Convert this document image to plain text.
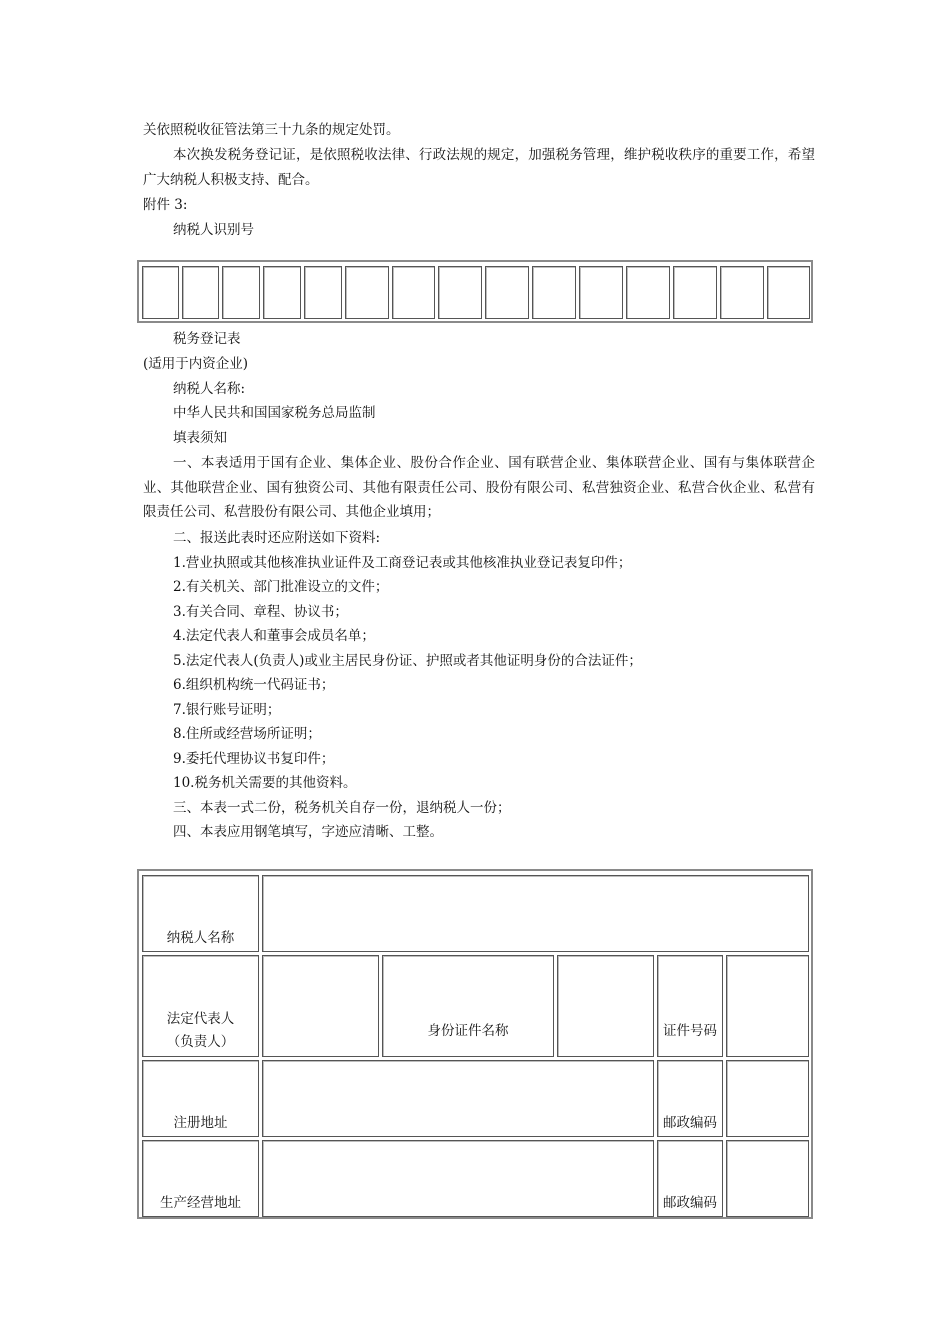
关依照税收征管法第三十九条的规定处罚。
本次换发税务登记证，是依照税收法律、行政法规的规定，加强税务管理，维护税收秩序的重要工作，希望广大纳税人积极支持、配合。
附件 3:
纳税人识别号
税务登记表
(适用于内资企业)
纳税人名称:
中华人民共和国国家税务总局监制
填表须知
一、本表适用于国有企业、集体企业、股份合作企业、国有联营企业、集体联营企业、国有与集体联营企业、其他联营企业、国有独资公司、其他有限责任公司、股份有限公司、私营独资企业、私营合伙企业、私营有限责任公司、私营股份有限公司、其他企业填用；
二、报送此表时还应附送如下资料:
1.营业执照或其他核准执业证件及工商登记表或其他核准执业登记表复印件；
2.有关机关、部门批准设立的文件；
3.有关合同、章程、协议书；
4.法定代表人和董事会成员名单；
5.法定代表人(负责人)或业主居民身份证、护照或者其他证明身份的合法证件；
6.组织机构统一代码证书；
7.银行账号证明；
8.住所或经营场所证明；
9.委托代理协议书复印件；
10.税务机关需要的其他资料。
三、本表一式二份，税务机关自存一份，退纳税人一份；
四、本表应用钢笔填写，字迹应清晰、工整。
纳税人名称
法定代表人
（负责人）
身份证件名称	证件号码
注册地址	邮政编码
生产经营地址	邮政编码
